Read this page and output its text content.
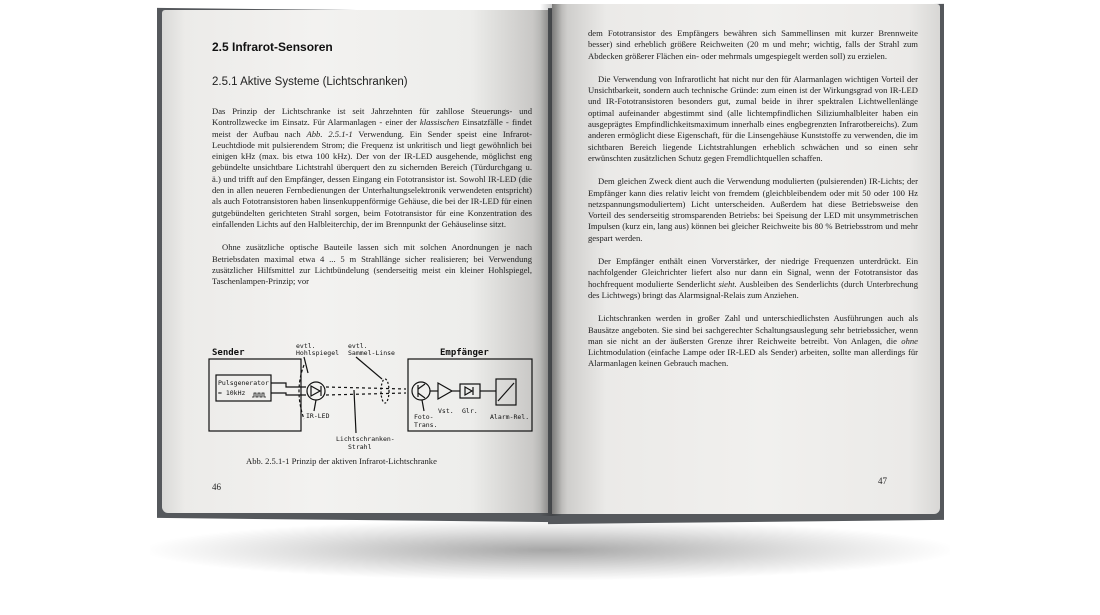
2.5 Infrarot-Sensoren
2.5.1 Aktive Systeme (Lichtschranken)

Das Prinzip der Lichtschranke ist seit Jahrzehnten für zahllose Steuerungs- und Kontrollzwecke im Einsatz. Für Alarmanlagen - einer der klassischen Einsatzfälle - findet meist der Aufbau nach Abb. 2.5.1-1 Verwendung. Ein Sender speist eine Infrarot-Leuchtdiode mit pulsierendem Strom; die Frequenz ist unkritisch und liegt gewöhnlich bei einigen kHz (max. bis etwa 100 kHz). Der von der IR-LED ausgehende, möglichst eng gebündelte unsichtbare Lichtstrahl überquert den zu sichernden Bereich (Türdurchgang u. ä.) und trifft auf den Empfänger, dessen Eingang ein Fototransistor ist. Sowohl IR-LED (die den in allen neueren Fernbedienungen der Unterhaltungselektronik verwendeten entspricht) als auch Fototransistoren haben linsenkuppenförmige Gehäuse, die bei der IR-LED für einen gutgebündelten gerichteten Strahl sorgen, beim Fototransistor für eine Konzentration des einfallenden Lichts auf den Halbleiterchip, der im Brennpunkt der Gehäuselinse sitzt.

Ohne zusätzliche optische Bauteile lassen sich mit solchen Anordnungen je nach Betriebsdaten maximal etwa 4 ... 5 m Strahllänge sicher realisieren; bei Verwendung zusätzlicher Hilfsmittel zur Lichtbündelung (senderseitig meist ein kleiner Hohlspiegel, Taschenlampen-Prinzip; vor

Sender
evtl.
Hohlspiegel
evtl.
Sammel-Linse	Empfänger
Pulsgenerator
≈ 10kHz
IR-LED
Lichtschranken-
Strahl
Foto-
Trans.
Vst. Glr.
Alarm-Rel.
Abb. 2.5.1-1 Prinzip der aktiven Infrarot-Lichtschranke
46

dem Fototransistor des Empfängers bewähren sich Sammellinsen mit kurzer Brennweite besser) sind erheblich größere Reichweiten (20 m und mehr; wichtig, falls der Strahl zum Abdecken größerer Flächen ein- oder mehrmals umgespiegelt werden soll) zu erzielen.

Die Verwendung von Infrarotlicht hat nicht nur den für Alarmanlagen wichtigen Vorteil der Unsichtbarkeit, sondern auch technische Gründe: zum einen ist der Wirkungsgrad von IR-LED und IR-Fototransistoren besonders gut, zumal beide in ihrer spektralen Lichtwellenlänge optimal aufeinander abgestimmt sind (alle lichtempfindlichen Siliziumhalbleiter haben ein ausgeprägtes Empfindlichkeitsmaximum innerhalb eines engbegrenzten Infrarotbereichs). Zum anderen ermöglicht diese Eigenschaft, für die Linsengehäuse Kunststoffe zu verwenden, die im sichtbaren Bereich liegende Lichtstrahlungen erheblich schwächen und so einen sehr erwünschten zusätzlichen Schutz gegen Fremdlichtquellen schaffen.

Dem gleichen Zweck dient auch die Verwendung modulierten (pulsierenden) IR-Lichts; der Empfänger kann dies relativ leicht von fremdem (gleichbleibendem oder mit 50 oder 100 Hz netzspannungsmoduliertem) Licht unterscheiden. Außerdem hat diese Betriebsweise den Vorteil des senderseitig stromsparenden Betriebs: bei Speisung der LED mit unsymmetrischen Impulsen (kurz ein, lang aus) können bei gleicher Reichweite bis 80 % Betriebsstrom und mehr gespart werden.

Der Empfänger enthält einen Vorverstärker, der niedrige Frequenzen unterdrückt. Ein nachfolgender Gleichrichter liefert also nur dann ein Signal, wenn der Fototransistor das hochfrequent modulierte Senderlicht sieht. Ausbleiben des Senderlichts (durch Unterbrechung des Lichtwegs) bringt das Alarmsignal-Relais zum Anziehen.

Lichtschranken werden in großer Zahl und unterschiedlichsten Ausführungen auch als Bausätze angeboten. Sie sind bei sachgerechter Schaltungsauslegung sehr betriebssicher, wenn man sie nicht an der äußersten Grenze ihrer Reichweite betreibt. Von Anlagen, die ohne Lichtmodulation (einfache Lampe oder IR-LED als Sender) arbeiten, sollte man allerdings für Alarmanlagen keinen Gebrauch machen.

47
